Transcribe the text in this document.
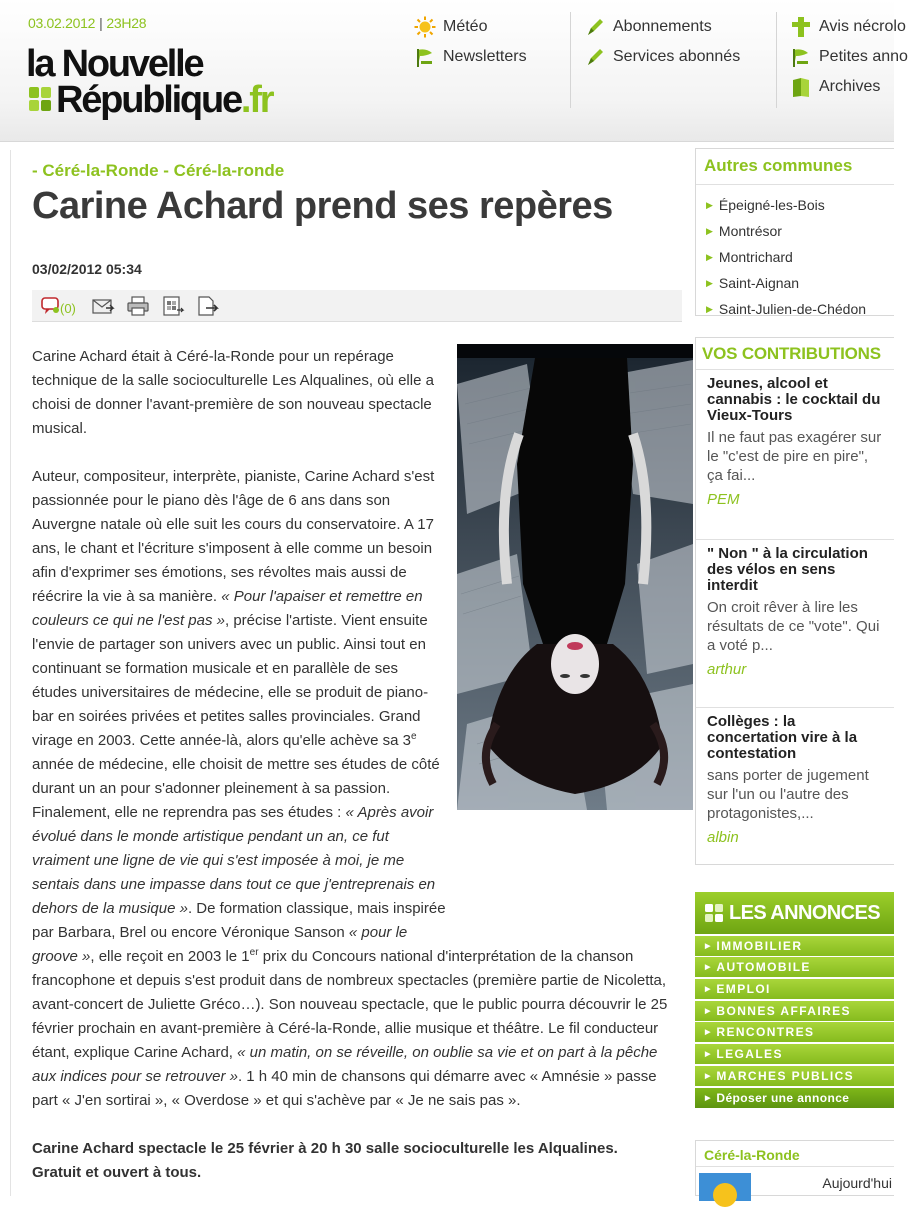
03.02.2012 | 23H28
la Nouvelle
République.fr
Météo
Newsletters
Abonnements
Services abonnés
Avis nécrolo
Petites anno
Archives
- Céré-la-Ronde - Céré-la-ronde
Carine Achard prend ses repères
03/02/2012 05:34
(0)

Carine Achard était à Céré-la-Ronde pour un repérage technique de la salle socioculturelle Les Alqualines, où elle a choisi de donner l'avant-première de son nouveau spectacle musical.

Auteur, compositeur, interprète, pianiste, Carine Achard s'est passionnée pour le piano dès l'âge de 6 ans dans son Auvergne natale où elle suit les cours du conservatoire. A 17 ans, le chant et l'écriture s'imposent à elle comme un besoin afin d'exprimer ses émotions, ses révoltes mais aussi de réécrire la vie à sa manière. « Pour l'apaiser et remettre en couleurs ce qui ne l'est pas », précise l'artiste. Vient ensuite l'envie de partager son univers avec un public. Ainsi tout en continuant se formation musicale et en parallèle de ses études universitaires de médecine, elle se produit de piano-bar en soirées privées et petites salles provinciales. Grand virage en 2003. Cette année-là, alors qu'elle achève sa 3e année de médecine, elle choisit de mettre ses études de côté durant un an pour s'adonner pleinement à sa passion. Finalement, elle ne reprendra pas ses études : « Après avoir évolué dans le monde artistique pendant un an, ce fut vraiment une ligne de vie qui s'est imposée à moi, je me sentais dans une impasse dans tout ce que j'entreprenais en dehors de la musique ». De formation classique, mais inspirée par Barbara, Brel ou encore Véronique Sanson « pour le groove », elle reçoit en 2003 le 1er prix du Concours national d'interprétation de la chanson francophone et depuis s'est produit dans de nombreux spectacles (première partie de Nicoletta, avant-concert de Juliette Gréco…). Son nouveau spectacle, que le public pourra découvrir le 25 février prochain en avant-première à Céré-la-Ronde, allie musique et théâtre. Le fil conducteur étant, explique Carine Achard, « un matin, on se réveille, on oublie sa vie et on part à la pêche aux indices pour se retrouver ». 1 h 40 min de chansons qui démarre avec « Amnésie » passe part « J'en sortirai », « Overdose » et qui s'achève par « Je ne sais pas ».

Carine Achard spectacle le 25 février à 20 h 30 salle socioculturelle les Alqualines. Gratuit et ouvert à tous.

Autres communes
▶ Épeigné-les-Bois
▶ Montrésor
▶ Montrichard
▶ Saint-Aignan
▶ Saint-Julien-de-Chédon
VOS CONTRIBUTIONS
Jeunes, alcool et cannabis : le cocktail du Vieux-Tours
Il ne faut pas exagérer sur le "c'est de pire en pire", ça fai...
PEM
" Non " à la circulation des vélos en sens interdit
On croit rêver à lire les résultats de ce "vote". Qui a voté p...
arthur
Collèges : la concertation vire à la contestation
sans porter de jugement sur l'un ou l'autre des protagonistes,...
albin
LES ANNONCES
▶ IMMOBILIER
▶ AUTOMOBILE
▶ EMPLOI
▶ BONNES AFFAIRES
▶ RENCONTRES
▶ LEGALES
▶ MARCHES PUBLICS
▶ Déposer une annonce
Céré-la-Ronde
Aujourd'hui
